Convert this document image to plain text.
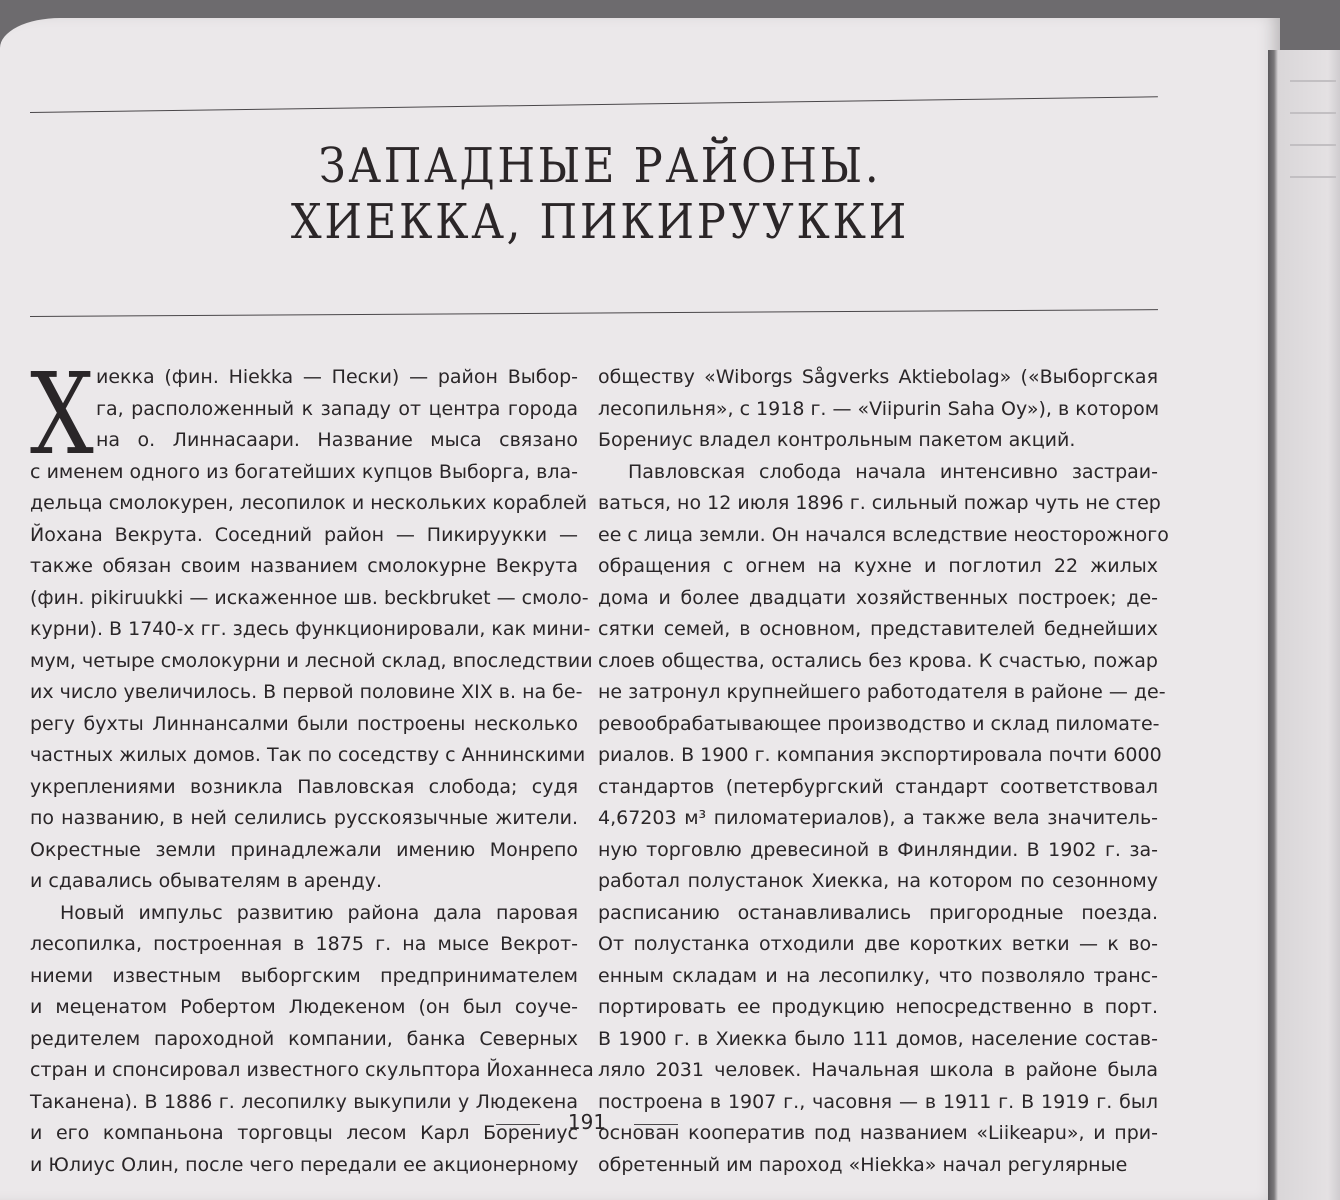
ЗАПАДНЫЕ РАЙОНЫ.
ХИЕККА, ПИКИРУУККИ
Х иекка (фин. Hiekka — Пески) — район Выбор-
га, расположенный к западу от центра города
на о. Линнасаари. Название мыса связано
с именем одного из богатейших купцов Выборга, вла-
дельца смолокурен, лесопилок и нескольких кораблей
Йохана Векрута. Соседний район — Пикируукки —
также обязан своим названием смолокурне Векрута
(фин. pikiruukki — искаженное шв. beckbruket — смоло-
курни). В 1740-х гг. здесь функционировали, как мини-
мум, четыре смолокурни и лесной склад, впоследствии
их число увеличилось. В первой половине XIX в. на бе-
регу бухты Линнансалми были построены несколько
частных жилых домов. Так по соседству с Аннинскими
укреплениями возникла Павловская слобода; судя
по названию, в ней селились русскоязычные жители.
Окрестные земли принадлежали имению Монрепо
и сдавались обывателям в аренду.
Новый импульс развитию района дала паровая
лесопилка, построенная в 1875 г. на мысе Векрот-
ниеми известным выборгским предпринимателем
и меценатом Робертом Людекеном (он был соуче-
редителем пароходной компании, банка Северных
стран и спонсировал известного скульптора Йоханнеса
Таканена). В 1886 г. лесопилку выкупили у Людекена
и его компаньона торговцы лесом Карл Борениус
и Юлиус Олин, после чего передали ее акционерному
обществу «Wiborgs Sågverks Aktiebolag» («Выборгская
лесопильня», с 1918 г. — «Viipurin Saha Oy»), в котором
Борениус владел контрольным пакетом акций.
Павловская слобода начала интенсивно застраи-
ваться, но 12 июля 1896 г. сильный пожар чуть не стер
ее с лица земли. Он начался вследствие неосторожного
обращения с огнем на кухне и поглотил 22 жилых
дома и более двадцати хозяйственных построек; де-
сятки семей, в основном, представителей беднейших
слоев общества, остались без крова. К счастью, пожар
не затронул крупнейшего работодателя в районе — де-
ревообрабатывающее производство и склад пиломате-
риалов. В 1900 г. компания экспортировала почти 6000
стандартов (петербургский стандарт соответствовал
4,67203 м³ пиломатериалов), а также вела значитель-
ную торговлю древесиной в Финляндии. В 1902 г. за-
работал полустанок Хиекка, на котором по сезонному
расписанию останавливались пригородные поезда.
От полустанка отходили две коротких ветки — к во-
енным складам и на лесопилку, что позволяло транс-
портировать ее продукцию непосредственно в порт.
В 1900 г. в Хиекка было 111 домов, население состав-
ляло 2031 человек. Начальная школа в районе была
построена в 1907 г., часовня — в 1911 г. В 1919 г. был
основан кооператив под названием «Liikeapu», и при-
обретенный им пароход «Hiekka» начал регулярные
191
